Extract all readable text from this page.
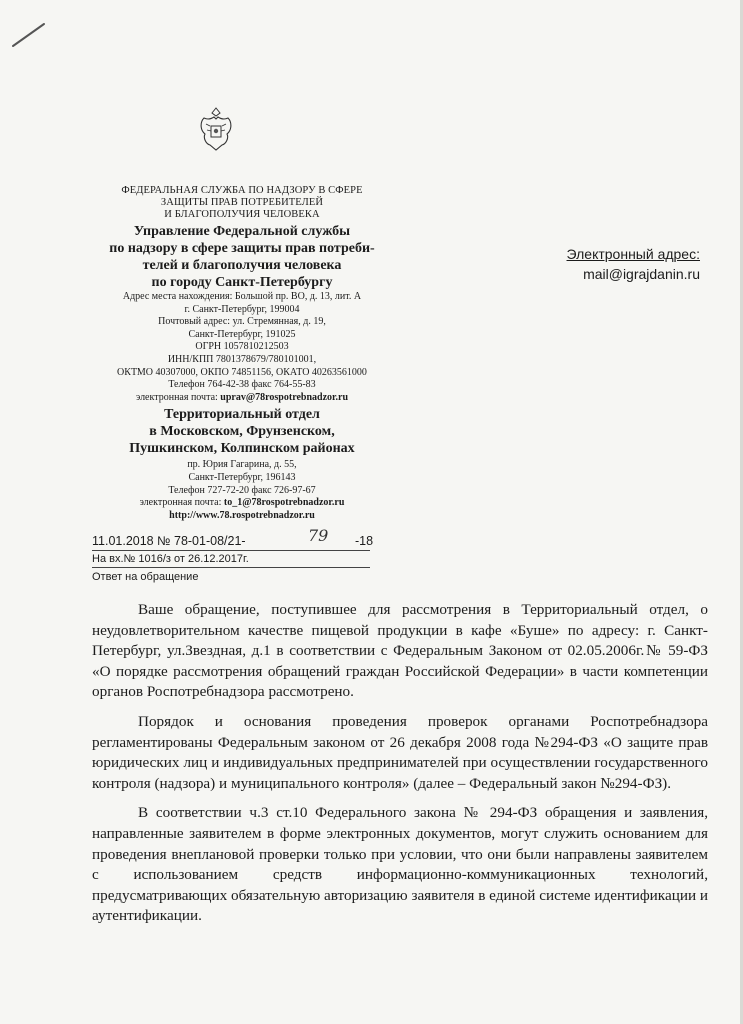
ФЕДЕРАЛЬНАЯ СЛУЖБА ПО НАДЗОРУ В СФЕРЕ
ЗАЩИТЫ ПРАВ ПОТРЕБИТЕЛЕЙ
И БЛАГОПОЛУЧИЯ ЧЕЛОВЕКА
Управление Федеральной службы
по надзору в сфере защиты прав потреби-
телей и благополучия человека
по городу Санкт-Петербургу
Адрес места нахождения: Большой пр. ВО, д. 13, лит. А
г. Санкт-Петербург, 199004
Почтовый адрес: ул. Стремянная, д. 19,
Санкт-Петербург, 191025
ОГРН 1057810212503
ИНН/КПП 7801378679/780101001,
ОКТМО 40307000, ОКПО 74851156, ОКАТО 40263561000
Телефон 764-42-38 факс 764-55-83
электронная почта: uprav@78rospotrebnadzor.ru
Территориальный отдел
в Московском, Фрунзенском,
Пушкинском, Колпинском районах
пр. Юрия Гагарина, д. 55,
Санкт-Петербург, 196143
Телефон 727-72-20 факс 726-97-67
электронная почта: to_1@78rospotrebnadzor.ru
http://www.78.rospotrebnadzor.ru
Электронный адрес:
mail@igrajdanin.ru
11.01.2018 № 78-01-08/21-	79 -18
На вх.№ 1016/з от 26.12.2017г.
Ответ на обращение

Ваше обращение, поступившее для рассмотрения в Территориальный отдел, о неудовлетворительном качестве пищевой продукции в кафе «Буше» по адресу: г. Санкт-Петербург, ул.Звездная, д.1 в соответствии с Федеральным Законом от 02.05.2006г.№ 59-ФЗ «О порядке рассмотрения обращений граждан Российской Федерации» в части компетенции органов Роспотребнадзора рассмотрено.

Порядок и основания проведения проверок органами Роспотребнадзора регламентированы Федеральным законом от 26 декабря 2008 года №294-ФЗ «О защите прав юридических лиц и индивидуальных предпринимателей при осуществлении государственного контроля (надзора) и муниципального контроля» (далее – Федеральный закон №294-ФЗ).

В соответствии ч.3 ст.10 Федерального закона № 294-ФЗ обращения и заявления, направленные заявителем в форме электронных документов, могут служить основанием для проведения внеплановой проверки только при условии, что они были направлены заявителем с использованием средств информационно-коммуникационных технологий, предусматривающих обязательную авторизацию заявителя в единой системе идентификации и аутентификации.
